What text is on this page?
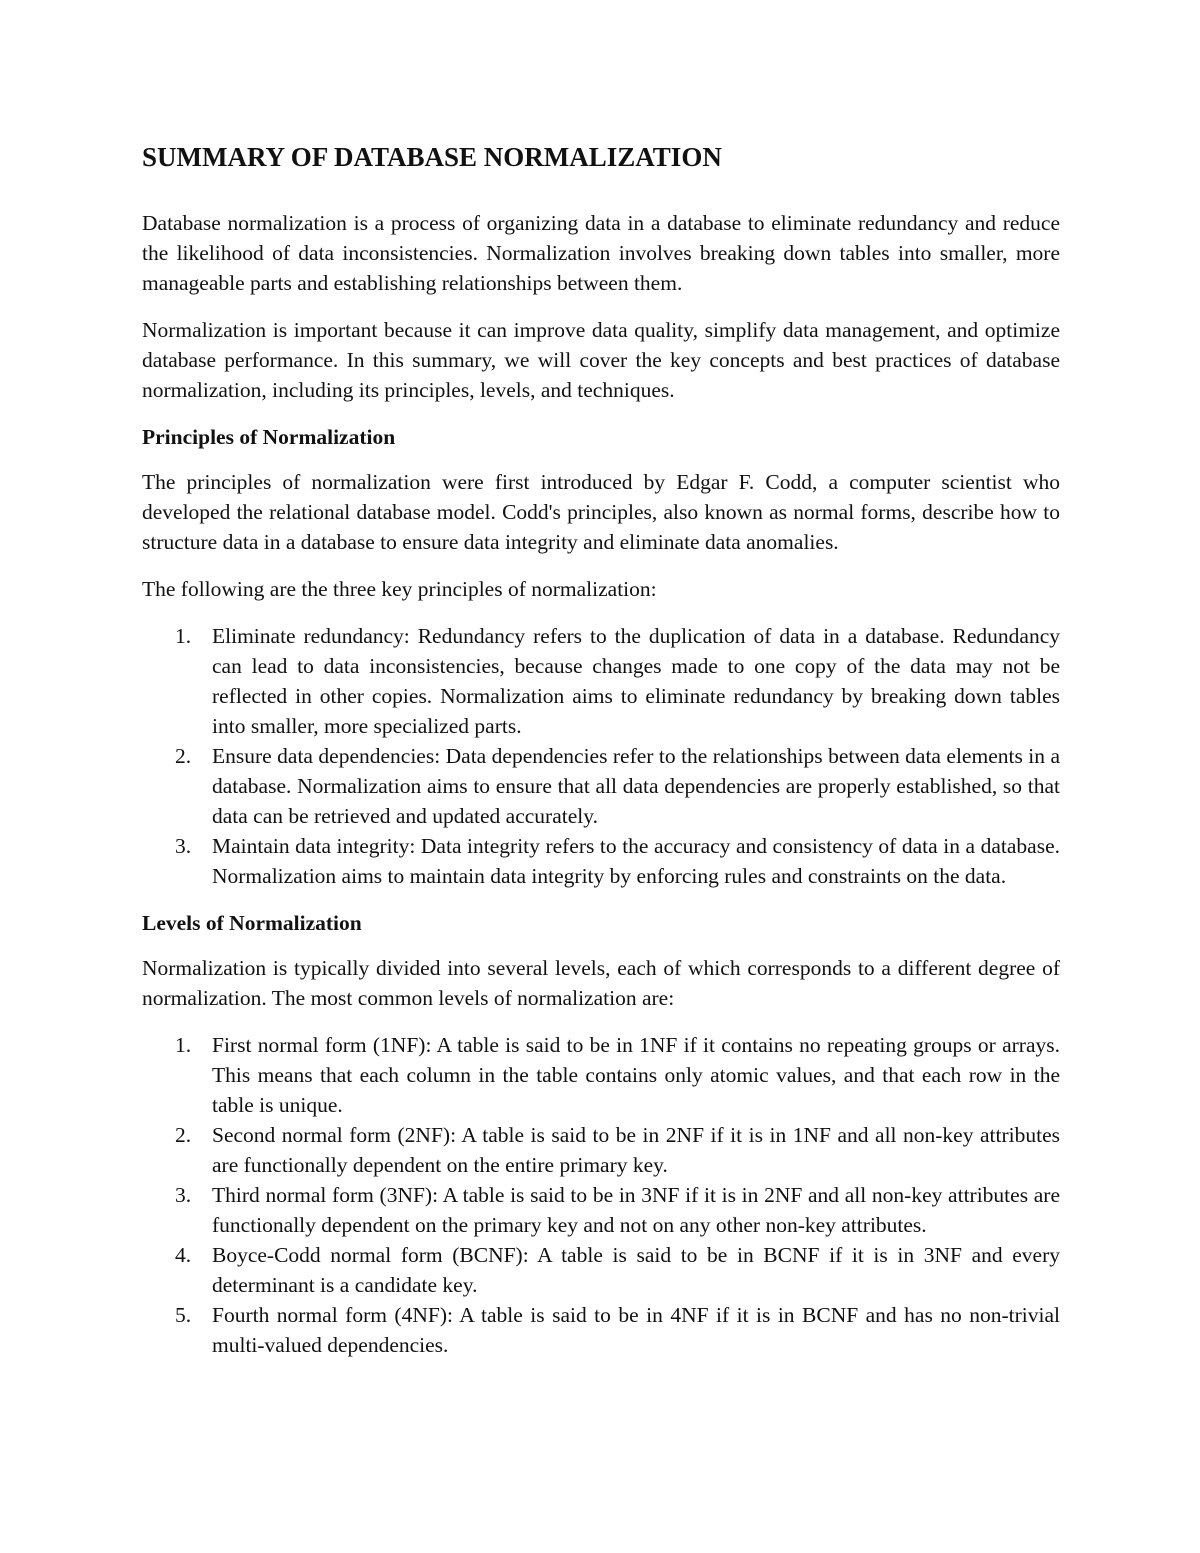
SUMMARY OF DATABASE NORMALIZATION

Database normalization is a process of organizing data in a database to eliminate redundancy and reduce the likelihood of data inconsistencies. Normalization involves breaking down tables into smaller, more manageable parts and establishing relationships between them.

Normalization is important because it can improve data quality, simplify data management, and optimize database performance. In this summary, we will cover the key concepts and best practices of database normalization, including its principles, levels, and techniques.

Principles of Normalization

The principles of normalization were first introduced by Edgar F. Codd, a computer scientist who developed the relational database model. Codd's principles, also known as normal forms, describe how to structure data in a database to ensure data integrity and eliminate data anomalies.

The following are the three key principles of normalization:

1. Eliminate redundancy: Redundancy refers to the duplication of data in a database. Redundancy can lead to data inconsistencies, because changes made to one copy of the data may not be reflected in other copies. Normalization aims to eliminate redundancy by breaking down tables into smaller, more specialized parts.
2. Ensure data dependencies: Data dependencies refer to the relationships between data elements in a database. Normalization aims to ensure that all data dependencies are properly established, so that data can be retrieved and updated accurately.
3. Maintain data integrity: Data integrity refers to the accuracy and consistency of data in a database. Normalization aims to maintain data integrity by enforcing rules and constraints on the data.
Levels of Normalization

Normalization is typically divided into several levels, each of which corresponds to a different degree of normalization. The most common levels of normalization are:

1. First normal form (1NF): A table is said to be in 1NF if it contains no repeating groups or arrays. This means that each column in the table contains only atomic values, and that each row in the table is unique.
2. Second normal form (2NF): A table is said to be in 2NF if it is in 1NF and all non-key attributes are functionally dependent on the entire primary key.
3. Third normal form (3NF): A table is said to be in 3NF if it is in 2NF and all non-key attributes are functionally dependent on the primary key and not on any other non-key attributes.
4. Boyce-Codd normal form (BCNF): A table is said to be in BCNF if it is in 3NF and every determinant is a candidate key.
5. Fourth normal form (4NF): A table is said to be in 4NF if it is in BCNF and has no non-trivial multi-valued dependencies.
